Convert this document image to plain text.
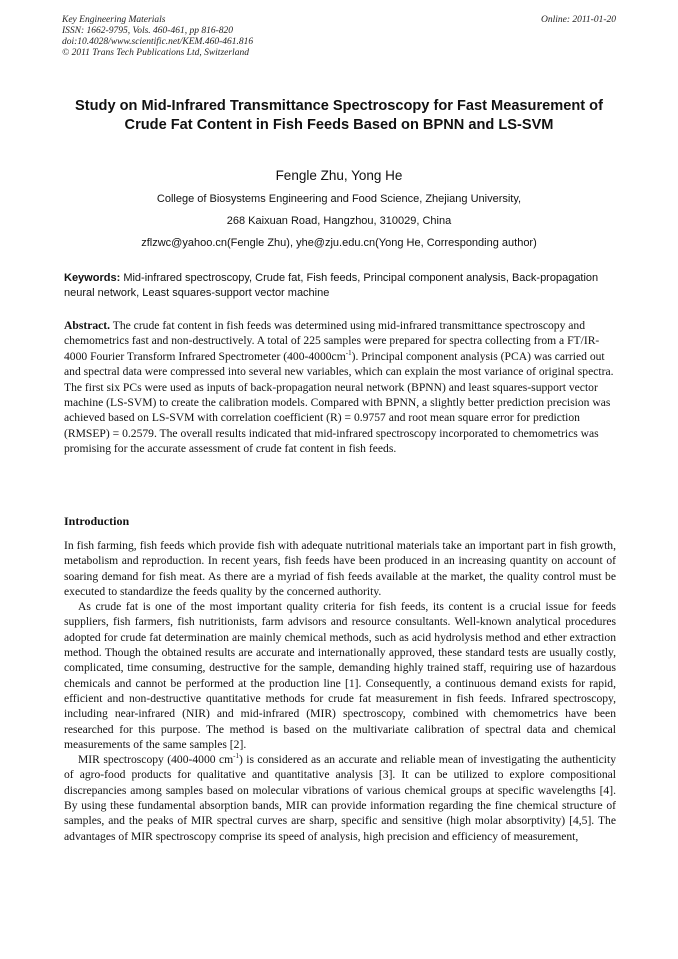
Key Engineering Materials
ISSN: 1662-9795, Vols. 460-461, pp 816-820
doi:10.4028/www.scientific.net/KEM.460-461.816
© 2011 Trans Tech Publications Ltd, Switzerland
Online: 2011-01-20
Study on Mid-Infrared Transmittance Spectroscopy for Fast Measurement of Crude Fat Content in Fish Feeds Based on BPNN and LS-SVM
Fengle Zhu, Yong He
College of Biosystems Engineering and Food Science, Zhejiang University,
268 Kaixuan Road, Hangzhou, 310029, China
zflzwc@yahoo.cn(Fengle Zhu), yhe@zju.edu.cn(Yong He, Corresponding author)
Keywords: Mid-infrared spectroscopy, Crude fat, Fish feeds, Principal component analysis, Back-propagation neural network, Least squares-support vector machine
Abstract. The crude fat content in fish feeds was determined using mid-infrared transmittance spectroscopy and chemometrics fast and non-destructively. A total of 225 samples were prepared for spectra collecting from a FT/IR-4000 Fourier Transform Infrared Spectrometer $(400-4000cm^{-1})$. Principal component analysis (PCA) was carried out and spectral data were compressed into several new variables, which can explain the most variance of original spectra. The first six PCs were used as inputs of back-propagation neural network (BPNN) and least squares-support vector machine (LS-SVM) to create the calibration models. Compared with BPNN, a slightly better prediction precision was achieved based on LS-SVM with correlation coefficient (R) = 0.9757 and root mean square error for prediction (RMSEP) = 0.2579. The overall results indicated that mid-infrared spectroscopy incorporated to chemometrics was promising for the accurate assessment of crude fat content in fish feeds.
Introduction

In fish farming, fish feeds which provide fish with adequate nutritional materials take an important part in fish growth, metabolism and reproduction. In recent years, fish feeds have been produced in an increasing quantity on account of soaring demand for fish meat. As there are a myriad of fish feeds available at the market, the quality control must be executed to standardize the feeds quality by the concerned authority.

As crude fat is one of the most important quality criteria for fish feeds, its content is a crucial issue for feeds suppliers, fish farmers, fish nutritionists, farm advisors and resource consultants. Well-known analytical procedures adopted for crude fat determination are mainly chemical methods, such as acid hydrolysis method and ether extraction method. Though the obtained results are accurate and internationally approved, these standard tests are usually costly, complicated, time consuming, destructive for the sample, demanding highly trained staff, requiring use of hazardous chemicals and cannot be performed at the production line [1]. Consequently, a continuous demand exists for rapid, efficient and non-destructive quantitative methods for crude fat measurement in fish feeds. Infrared spectroscopy, including near-infrared (NIR) and mid-infrared (MIR) spectroscopy, combined with chemometrics have been researched for this purpose. The method is based on the multivariate calibration of spectral data and chemical measurements of the same samples [2].

MIR spectroscopy (400-4000 $cm^{-1}$) is considered as an accurate and reliable mean of investigating the authenticity of agro-food products for qualitative and quantitative analysis [3]. It can be utilized to explore compositional discrepancies among samples based on molecular vibrations of various chemical groups at specific wavelengths [4]. By using these fundamental absorption bands, MIR can provide information regarding the fine chemical structure of samples, and the peaks of MIR spectral curves are sharp, specific and sensitive (high molar absorptivity) [4,5]. The advantages of MIR spectroscopy comprise its speed of analysis, high precision and efficiency of measurement,
